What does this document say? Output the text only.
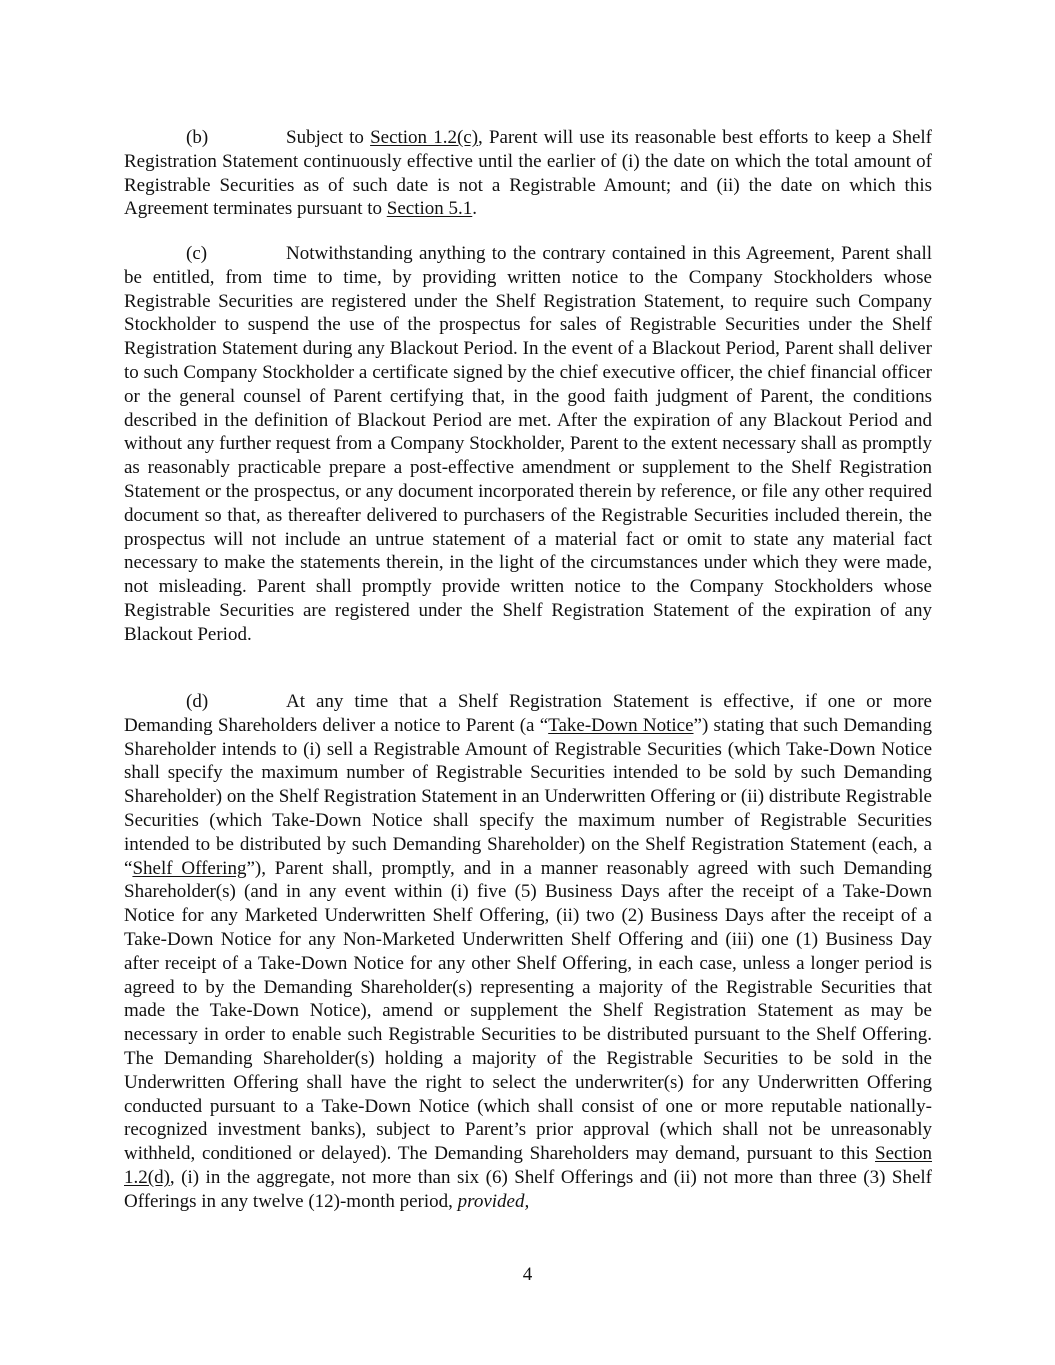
(b)	Subject to Section 1.2(c), Parent will use its reasonable best efforts to keep a Shelf Registration Statement continuously effective until the earlier of (i) the date on which the total amount of Registrable Securities as of such date is not a Registrable Amount; and (ii) the date on which this Agreement terminates pursuant to Section 5.1.

(c)	Notwithstanding anything to the contrary contained in this Agreement, Parent shall be entitled, from time to time, by providing written notice to the Company Stockholders whose Registrable Securities are registered under the Shelf Registration Statement, to require such Company Stockholder to suspend the use of the prospectus for sales of Registrable Securities under the Shelf Registration Statement during any Blackout Period. In the event of a Blackout Period, Parent shall deliver to such Company Stockholder a certificate signed by the chief executive officer, the chief financial officer or the general counsel of Parent certifying that, in the good faith judgment of Parent, the conditions described in the definition of Blackout Period are met. After the expiration of any Blackout Period and without any further request from a Company Stockholder, Parent to the extent necessary shall as promptly as reasonably practicable prepare a post-effective amendment or supplement to the Shelf Registration Statement or the prospectus, or any document incorporated therein by reference, or file any other required document so that, as thereafter delivered to purchasers of the Registrable Securities included therein, the prospectus will not include an untrue statement of a material fact or omit to state any material fact necessary to make the statements therein, in the light of the circumstances under which they were made, not misleading. Parent shall promptly provide written notice to the Company Stockholders whose Registrable Securities are registered under the Shelf Registration Statement of the expiration of any Blackout Period.

(d)	At any time that a Shelf Registration Statement is effective, if one or more Demanding Shareholders deliver a notice to Parent (a “Take-Down Notice”) stating that such Demanding Shareholder intends to (i) sell a Registrable Amount of Registrable Securities (which Take-Down Notice shall specify the maximum number of Registrable Securities intended to be sold by such Demanding Shareholder) on the Shelf Registration Statement in an Underwritten Offering or (ii) distribute Registrable Securities (which Take-Down Notice shall specify the maximum number of Registrable Securities intended to be distributed by such Demanding Shareholder) on the Shelf Registration Statement (each, a “Shelf Offering”), Parent shall, promptly, and in a manner reasonably agreed with such Demanding Shareholder(s) (and in any event within (i) five (5) Business Days after the receipt of a Take-Down Notice for any Marketed Underwritten Shelf Offering, (ii) two (2) Business Days after the receipt of a Take-Down Notice for any Non-Marketed Underwritten Shelf Offering and (iii) one (1) Business Day after receipt of a Take-Down Notice for any other Shelf Offering, in each case, unless a longer period is agreed to by the Demanding Shareholder(s) representing a majority of the Registrable Securities that made the Take-Down Notice), amend or supplement the Shelf Registration Statement as may be necessary in order to enable such Registrable Securities to be distributed pursuant to the Shelf Offering. The Demanding Shareholder(s) holding a majority of the Registrable Securities to be sold in the Underwritten Offering shall have the right to select the underwriter(s) for any Underwritten Offering conducted pursuant to a Take-Down Notice (which shall consist of one or more reputable nationally-recognized investment banks), subject to Parent’s prior approval (which shall not be unreasonably withheld, conditioned or delayed). The Demanding Shareholders may demand, pursuant to this Section 1.2(d), (i) in the aggregate, not more than six (6) Shelf Offerings and (ii) not more than three (3) Shelf Offerings in any twelve (12)-month period, provided,

4
